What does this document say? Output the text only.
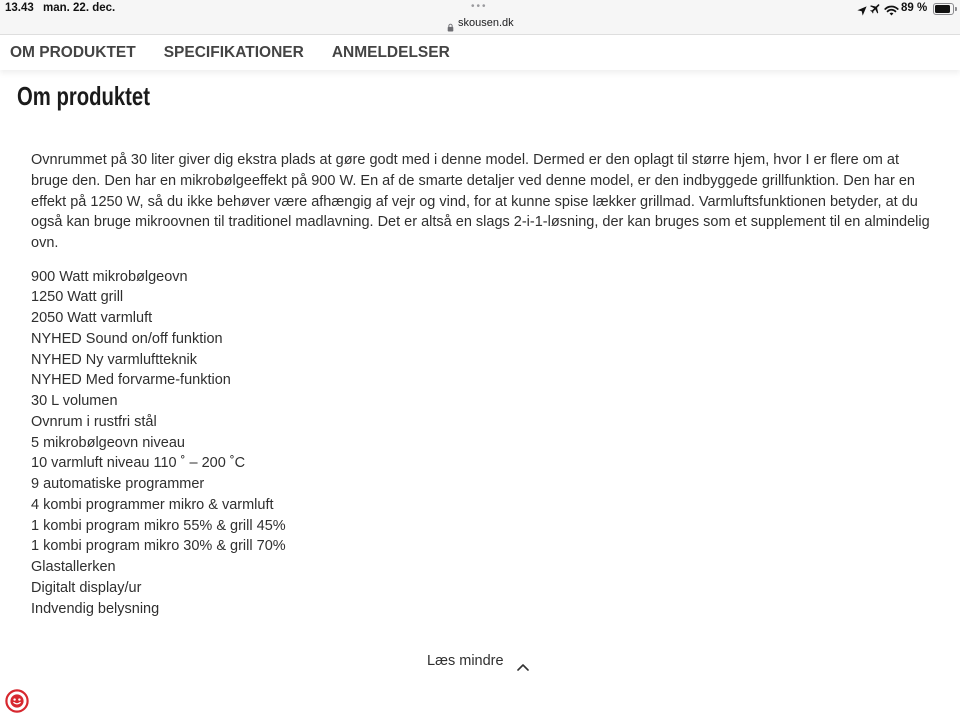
13.43 man. 22. dec.	•••
skousen.dk
89 %
OM PRODUKTET SPECIFIKATIONER ANMELDELSER
Om produktet
Ovnrummet på 30 liter giver dig ekstra plads at gøre godt med i denne model. Dermed er den oplagt til større hjem, hvor I er flere om at
bruge den. Den har en mikrobølgeeffekt på 900 W. En af de smarte detaljer ved denne model, er den indbyggede grillfunktion. Den har en
effekt på 1250 W, så du ikke behøver være afhængig af vejr og vind, for at kunne spise lækker grillmad. Varmluftsfunktionen betyder, at du
også kan bruge mikroovnen til traditionel madlavning. Det er altså en slags 2-i-1-løsning, der kan bruges som et supplement til en almindelig
ovn.
900 Watt mikrobølgeovn
1250 Watt grill
2050 Watt varmluft
NYHED Sound on/off funktion
NYHED Ny varmluftteknik
NYHED Med forvarme-funktion
30 L volumen
Ovnrum i rustfri stål
5 mikrobølgeovn niveau
10 varmluft niveau 110 ˚ – 200 ˚C
9 automatiske programmer
4 kombi programmer mikro & varmluft
1 kombi program mikro 55% & grill 45%
1 kombi program mikro 30% & grill 70%
Glastallerken
Digitalt display/ur
Indvendig belysning
Læs mindre
